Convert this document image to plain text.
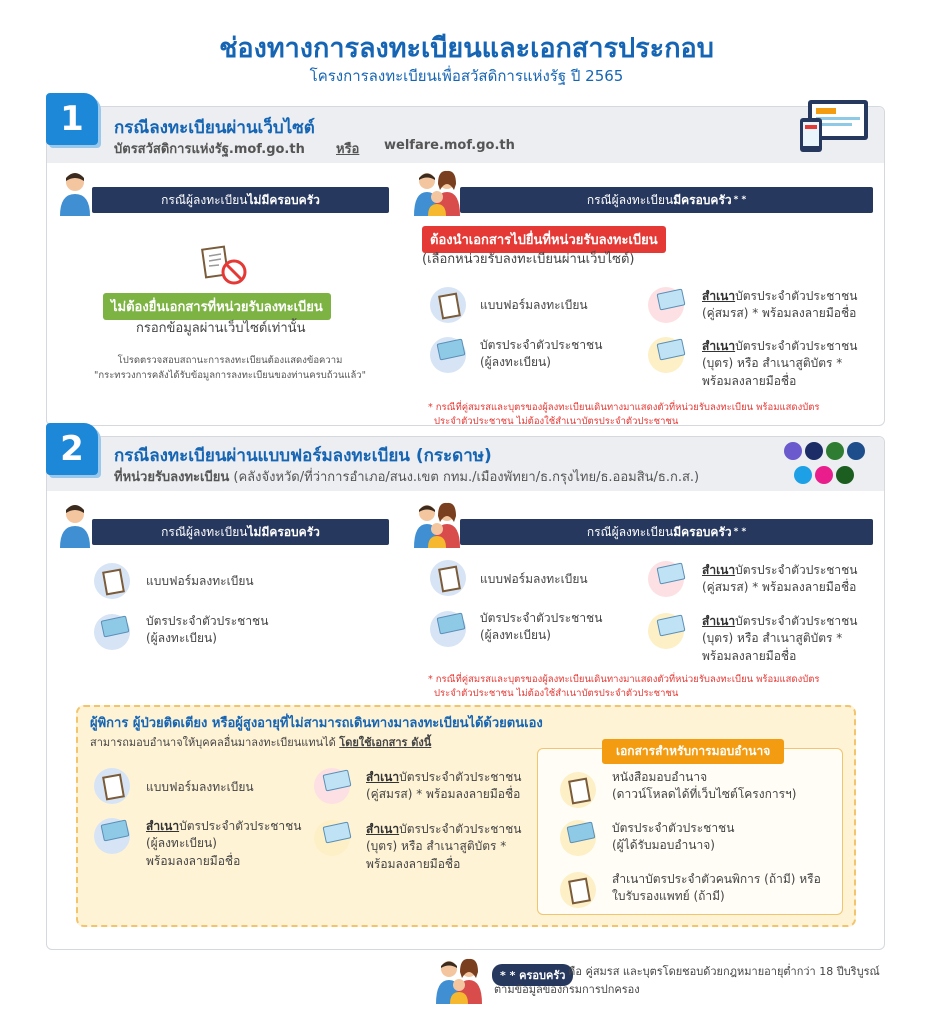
ช่องทางการลงทะเบียนและเอกสารประกอบ
โครงการลงทะเบียนเพื่อสวัสดิการแห่งรัฐ ปี 2565
1	กรณีลงทะเบียนผ่านเว็บไซต์
บัตรสวัสดิการแห่งรัฐ.mof.go.th หรือ welfare.mof.go.th
กรณีผู้ลงทะเบียน ไม่มีครอบครัว
ไม่ต้องยื่นเอกสารที่หน่วยรับลงทะเบียน
กรอกข้อมูลผ่านเว็บไซต์เท่านั้น
โปรดตรวจสอบสถานะการลงทะเบียนต้องแสดงข้อความ
"กระทรวงการคลังได้รับข้อมูลการลงทะเบียนของท่านครบถ้วนแล้ว"
กรณีผู้ลงทะเบียน มีครอบครัว * *
ต้องนำเอกสารไปยื่นที่หน่วยรับลงทะเบียน
(เลือกหน่วยรับลงทะเบียนผ่านเว็บไซต์)
แบบฟอร์มลงทะเบียน
บัตรประจำตัวประชาชน
(ผู้ลงทะเบียน)
สำเนาบัตรประจำตัวประชาชน
(คู่สมรส) * พร้อมลงลายมือชื่อ
สำเนาบัตรประจำตัวประชาชน
(บุตร) หรือ สำเนาสูติบัตร *
พร้อมลงลายมือชื่อ
* กรณีที่คู่สมรสและบุตรของผู้ลงทะเบียนเดินทางมาแสดงตัวที่หน่วยรับลงทะเบียน พร้อมแสดงบัตร
ประจำตัวประชาชน ไม่ต้องใช้สำเนาบัตรประจำตัวประชาชน
2	กรณีลงทะเบียนผ่านแบบฟอร์มลงทะเบียน (กระดาษ)
ที่หน่วยรับลงทะเบียน (คลังจังหวัด/ที่ว่าการอำเภอ/สนง.เขต กทม./เมืองพัทยา/ธ.กรุงไทย/ธ.ออมสิน/ธ.ก.ส.)
กรณีผู้ลงทะเบียน ไม่มีครอบครัว
แบบฟอร์มลงทะเบียน
บัตรประจำตัวประชาชน
(ผู้ลงทะเบียน)
กรณีผู้ลงทะเบียน มีครอบครัว * *
แบบฟอร์มลงทะเบียน
บัตรประจำตัวประชาชน
(ผู้ลงทะเบียน)
สำเนาบัตรประจำตัวประชาชน
(คู่สมรส) * พร้อมลงลายมือชื่อ
สำเนาบัตรประจำตัวประชาชน
(บุตร) หรือ สำเนาสูติบัตร *
พร้อมลงลายมือชื่อ
* กรณีที่คู่สมรสและบุตรของผู้ลงทะเบียนเดินทางมาแสดงตัวที่หน่วยรับลงทะเบียน พร้อมแสดงบัตร
ประจำตัวประชาชน ไม่ต้องใช้สำเนาบัตรประจำตัวประชาชน
ผู้พิการ ผู้ป่วยติดเตียง หรือผู้สูงอายุที่ไม่สามารถเดินทางมาลงทะเบียนได้ด้วยตนเอง
สามารถมอบอำนาจให้บุคคลอื่นมาลงทะเบียนแทนได้ โดยใช้เอกสาร ดังนี้
แบบฟอร์มลงทะเบียน
สำเนาบัตรประจำตัวประชาชน
(ผู้ลงทะเบียน)
พร้อมลงลายมือชื่อ
สำเนาบัตรประจำตัวประชาชน
(คู่สมรส) * พร้อมลงลายมือชื่อ
สำเนาบัตรประจำตัวประชาชน
(บุตร) หรือ สำเนาสูติบัตร *
พร้อมลงลายมือชื่อ
เอกสารสำหรับการมอบอำนาจ
หนังสือมอบอำนาจ
(ดาวน์โหลดได้ที่เว็บไซต์โครงการฯ)
บัตรประจำตัวประชาชน
(ผู้ได้รับมอบอำนาจ)
สำเนาบัตรประจำตัวคนพิการ (ถ้ามี) หรือ
ใบรับรองแพทย์ (ถ้ามี)
* * ครอบครัว คือ คู่สมรส และบุตรโดยชอบด้วยกฎหมายอายุต่ำกว่า 18 ปีบริบูรณ์
ตามข้อมูลของกรมการปกครอง
